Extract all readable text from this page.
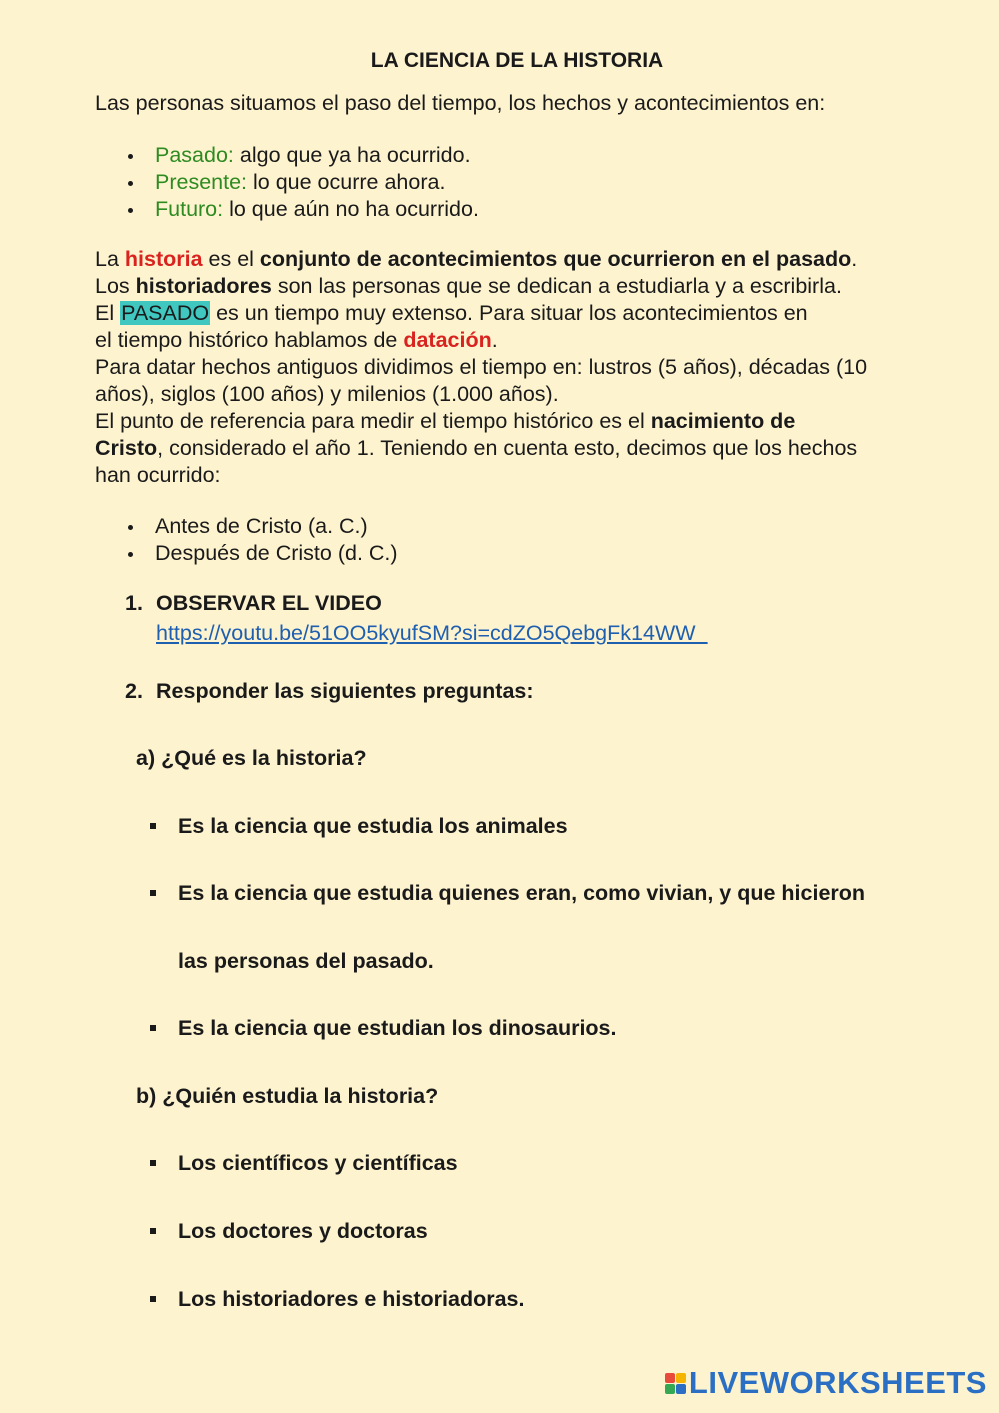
LA CIENCIA DE LA HISTORIA

Las personas situamos el paso del tiempo, los hechos y acontecimientos en:

Pasado: algo que ya ha ocurrido.
Presente: lo que ocurre ahora.
Futuro: lo que aún no ha ocurrido.

La historia es el conjunto de acontecimientos que ocurrieron en el pasado.

Los historiadores son las personas que se dedican a estudiarla y a escribirla.

El PASADO es un tiempo muy extenso. Para situar los acontecimientos en

el tiempo histórico hablamos de datación.

Para datar hechos antiguos dividimos el tiempo en: lustros (5 años), décadas (10

años), siglos (100 años) y milenios (1.000 años).

El punto de referencia para medir el tiempo histórico es el nacimiento de

Cristo, considerado el año 1. Teniendo en cuenta esto, decimos que los hechos

han ocurrido:

Antes de Cristo (a. C.)
Después de Cristo (d. C.)
1. OBSERVAR EL VIDEO
https://youtu.be/51OO5kyufSM?si=cdZO5QebgFk14WW_
2. Responder las siguientes preguntas:
a) ¿Qué es la historia?
Es la ciencia que estudia los animales
Es la ciencia que estudia quienes eran, como vivian, y que hicieron
las personas del pasado.
Es la ciencia que estudian los dinosaurios.
b) ¿Quién estudia la historia?
Los científicos y científicas
Los doctores y doctoras
Los historiadores e historiadoras.
LIVEWORKSHEETS
